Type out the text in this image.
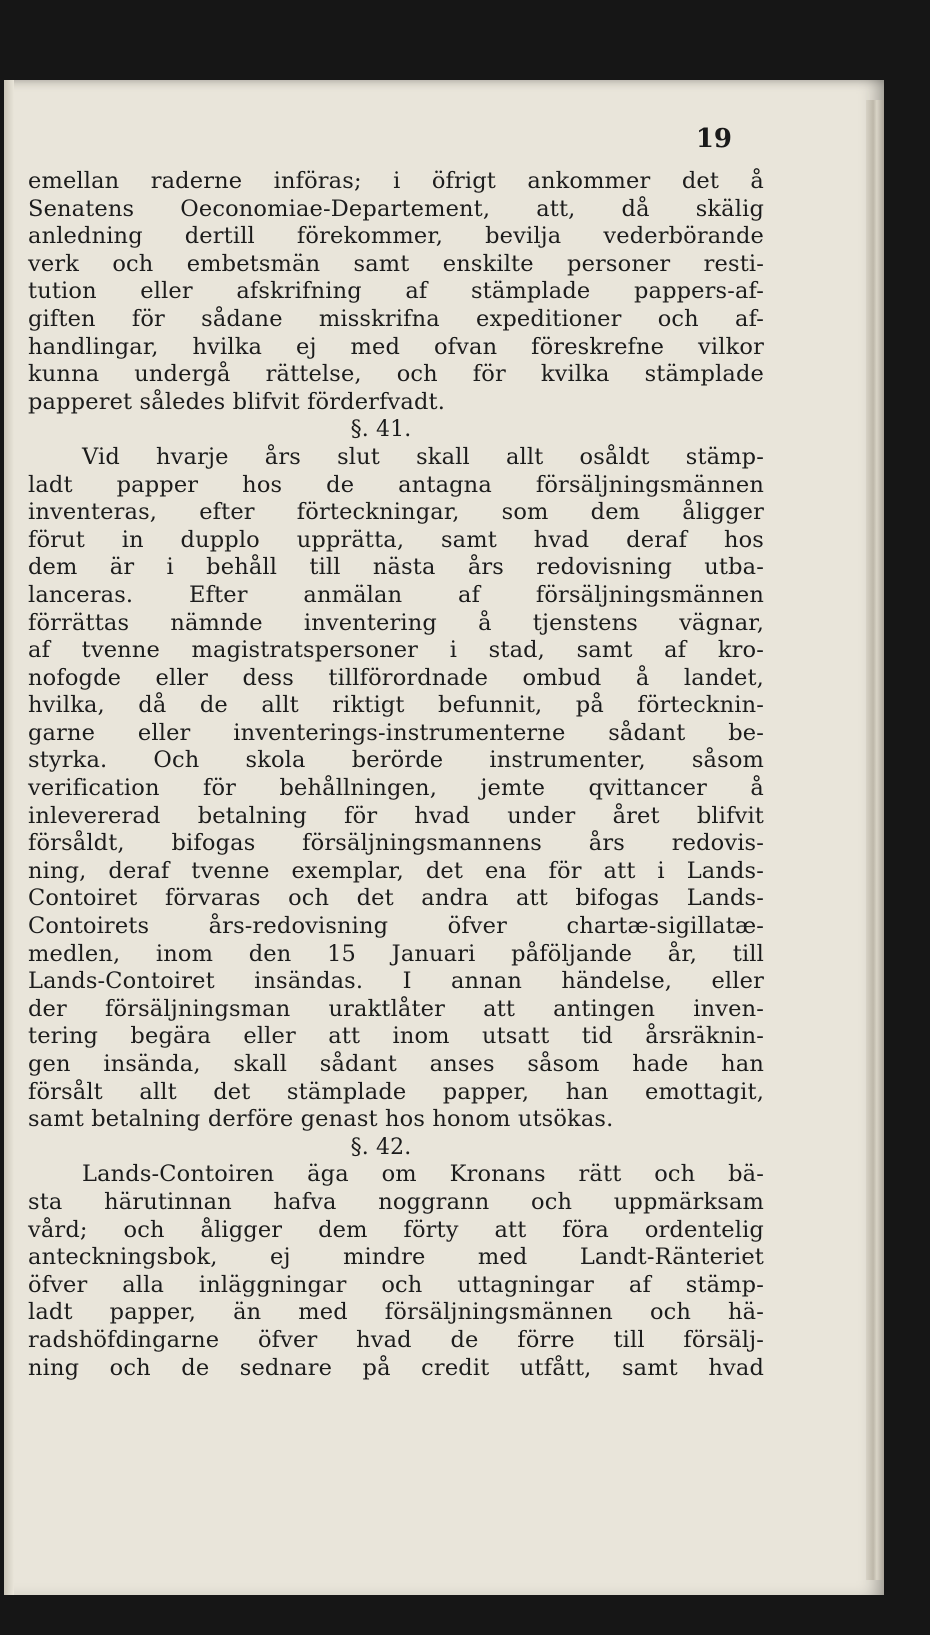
19
emellan raderne införas; i öfrigt ankommer det å
Senatens Oeconomiae-Departement, att, då skälig
anledning dertill förekommer, bevilja vederbörande
verk och embetsmän samt enskilte personer resti-
tution eller afskrifning af stämplade pappers-af-
giften för sådane misskrifna expeditioner och af-
handlingar, hvilka ej med ofvan föreskrefne vilkor
kunna undergå rättelse, och för kvilka stämplade
papperet således blifvit förderfvadt.
§. 41.
Vid hvarje års slut skall allt osåldt stämp-
ladt papper hos de antagna försäljningsmännen
inventeras, efter förteckningar, som dem åligger
förut in dupplo upprätta, samt hvad deraf hos
dem är i behåll till nästa års redovisning utba-
lanceras. Efter anmälan af försäljningsmännen
förrättas nämnde inventering å tjenstens vägnar,
af tvenne magistratspersoner i stad, samt af kro-
nofogde eller dess tillförordnade ombud å landet,
hvilka, då de allt riktigt befunnit, på förtecknin-
garne eller inventerings-instrumenterne sådant be-
styrka. Och skola berörde instrumenter, såsom
verification för behållningen, jemte qvittancer å
inlevererad betalning för hvad under året blifvit
försåldt, bifogas försäljningsmannens års redovis-
ning, deraf tvenne exemplar, det ena för att i Lands-
Contoiret förvaras och det andra att bifogas Lands-
Contoirets års-redovisning öfver chartæ-sigillatæ-
medlen, inom den 15 Januari påföljande år, till
Lands-Contoiret insändas. I annan händelse, eller
der försäljningsman uraktlåter att antingen inven-
tering begära eller att inom utsatt tid årsräknin-
gen insända, skall sådant anses såsom hade han
försålt allt det stämplade papper, han emottagit,
samt betalning derföre genast hos honom utsökas.
§. 42.
Lands-Contoiren äga om Kronans rätt och bä-
sta härutinnan hafva noggrann och uppmärksam
vård; och åligger dem förty att föra ordentelig
anteckningsbok, ej mindre med Landt-Ränteriet
öfver alla inläggningar och uttagningar af stämp-
ladt papper, än med försäljningsmännen och hä-
radshöfdingarne öfver hvad de förre till försälj-
ning och de sednare på credit utfått, samt hvad
